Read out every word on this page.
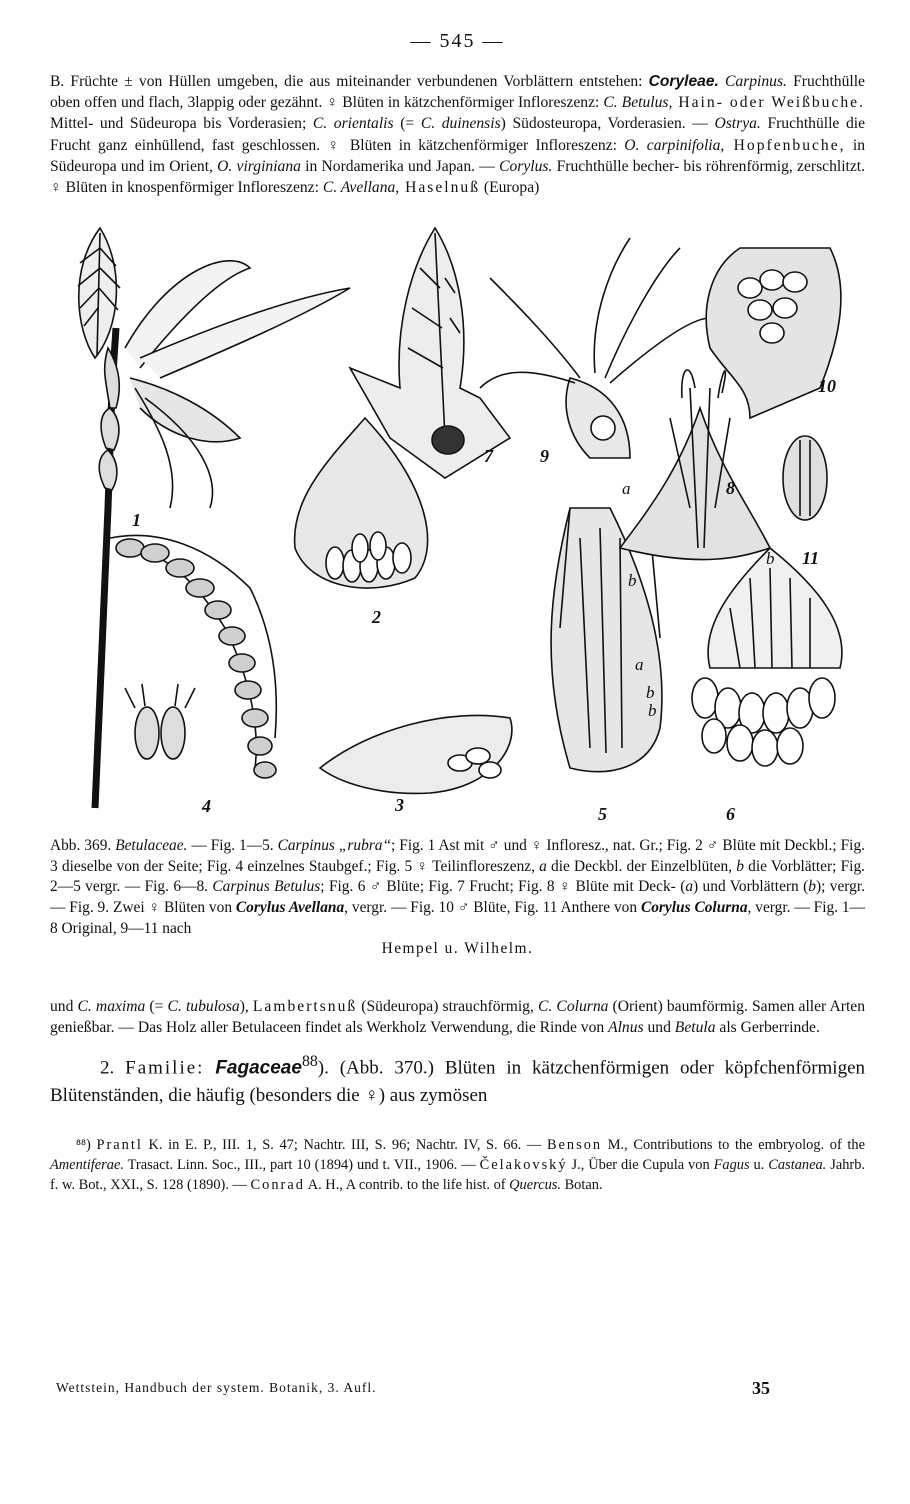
— 545 —

B. Früchte ± von Hüllen umgeben, die aus miteinander verbundenen Vorblättern entstehen: Coryleae. Carpinus. Fruchthülle oben offen und flach, 3lappig oder gezähnt. ♀ Blüten in kätzchenförmiger Infloreszenz: C. Betulus, Hain- oder Weißbuche. Mittel- und Südeuropa bis Vorderasien; C. orientalis (= C. duinensis) Südosteuropa, Vorderasien. — Ostrya. Fruchthülle die Frucht ganz einhüllend, fast geschlossen. ♀ Blüten in kätzchenförmiger Infloreszenz: O. carpinifolia, Hopfenbuche, in Südeuropa und im Orient, O. virginiana in Nordamerika und Japan. — Corylus. Fruchthülle becher- bis röhrenförmig, zerschlitzt. ♀ Blüten in knospenförmiger Infloreszenz: C. Avellana, Haselnuß (Europa)

1
2
3
4	5	6
7
8
9
10
11
a
a
b
b
b
b

Abb. 369. Betulaceae. — Fig. 1—5. Carpinus „rubra“; Fig. 1 Ast mit ♂ und ♀ Infloresz., nat. Gr.; Fig. 2 ♂ Blüte mit Deckbl.; Fig. 3 dieselbe von der Seite; Fig. 4 einzelnes Staubgef.; Fig. 5 ♀ Teilinfloreszenz, a die Deckbl. der Einzelblüten, b die Vorblätter; Fig. 2—5 vergr. — Fig. 6—8. Carpinus Betulus; Fig. 6 ♂ Blüte; Fig. 7 Frucht; Fig. 8 ♀ Blüte mit Deck- (a) und Vorblättern (b); vergr. — Fig. 9. Zwei ♀ Blüten von Corylus Avellana, vergr. — Fig. 10 ♂ Blüte, Fig. 11 Anthere von Corylus Colurna, vergr. — Fig. 1—8 Original, 9—11 nach
Hempel u. Wilhelm.

und C. maxima (= C. tubulosa), Lambertsnuß (Südeuropa) strauchförmig, C. Colurna (Orient) baumförmig. Samen aller Arten genießbar. — Das Holz aller Betulaceen findet als Werkholz Verwendung, die Rinde von Alnus und Betula als Gerberrinde.

2. Familie: Fagaceae$^{88}$). (Abb. 370.) Blüten in kätzchenförmigen oder köpfchenförmigen Blütenständen, die häufig (besonders die ♀) aus zymösen

⁸⁸) Prantl K. in E. P., III. 1, S. 47; Nachtr. III, S. 96; Nachtr. IV, S. 66. — Benson M., Contributions to the embryolog. of the Amentiferae. Trasact. Linn. Soc., III., part 10 (1894) und t. VII., 1906. — Čelakovský J., Über die Cupula von Fagus u. Castanea. Jahrb. f. w. Bot., XXI., S. 128 (1890). — Conrad A. H., A contrib. to the life hist. of Quercus. Botan.

Wettstein, Handbuch der system. Botanik, 3. Aufl.	35
